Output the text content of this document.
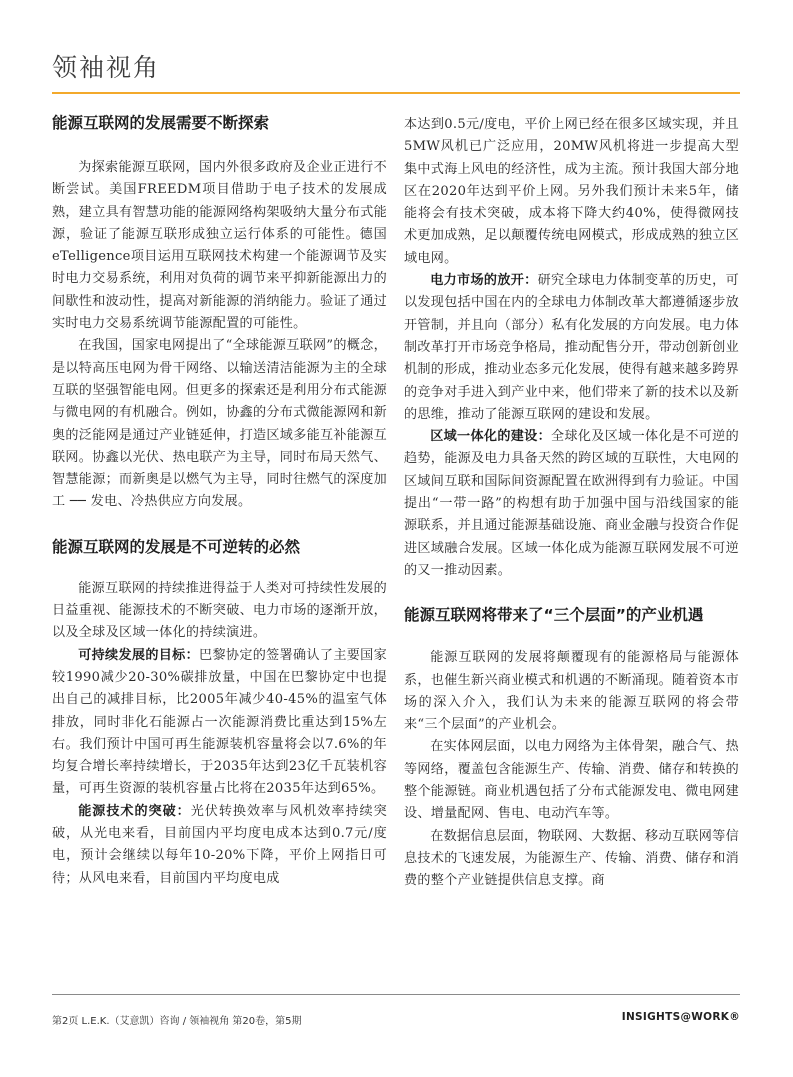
领袖视角
能源互联网的发展需要不断探索

为探索能源互联网，国内外很多政府及企业正进行不断尝试。美国FREEDM项目借助于电子技术的发展成熟，建立具有智慧功能的能源网络构架吸纳大量分布式能源，验证了能源互联形成独立运行体系的可能性。德国eTelligence项目运用互联网技术构建一个能源调节及实时电力交易系统，利用对负荷的调节来平抑新能源出力的间歇性和波动性，提高对新能源的消纳能力。验证了通过实时电力交易系统调节能源配置的可能性。

在我国，国家电网提出了“全球能源互联网”的概念，是以特高压电网为骨干网络、以输送清洁能源为主的全球互联的坚强智能电网。但更多的探索还是利用分布式能源与微电网的有机融合。例如，协鑫的分布式微能源网和新奥的泛能网是通过产业链延伸，打造区域多能互补能源互联网。协鑫以光伏、热电联产为主导，同时布局天然气、智慧能源；而新奥是以燃气为主导，同时往燃气的深度加工 ── 发电、冷热供应方向发展。

能源互联网的发展是不可逆转的必然

能源互联网的持续推进得益于人类对可持续性发展的日益重视、能源技术的不断突破、电力市场的逐渐开放，以及全球及区域一体化的持续演进。

可持续发展的目标：巴黎协定的签署确认了主要国家较1990减少20-30%碳排放量，中国在巴黎协定中也提出自己的减排目标，比2005年减少40-45%的温室气体排放，同时非化石能源占一次能源消费比重达到15%左右。我们预计中国可再生能源装机容量将会以7.6%的年均复合增长率持续增长，于2035年达到23亿千瓦装机容量，可再生资源的装机容量占比将在2035年达到65%。

能源技术的突破：光伏转换效率与风机效率持续突破，从光电来看，目前国内平均度电成本达到0.7元/度电，预计会继续以每年10-20%下降，平价上网指日可待；从风电来看，目前国内平均度电成

本达到0.5元/度电，平价上网已经在很多区域实现，并且5MW风机已广泛应用，20MW风机将进一步提高大型集中式海上风电的经济性，成为主流。预计我国大部分地区在2020年达到平价上网。另外我们预计未来5年，储能将会有技术突破，成本将下降大约40%，使得微网技术更加成熟，足以颠覆传统电网模式，形成成熟的独立区域电网。

电力市场的放开：研究全球电力体制变革的历史，可以发现包括中国在内的全球电力体制改革大都遵循逐步放开管制，并且向（部分）私有化发展的方向发展。电力体制改革打开市场竞争格局，推动配售分开，带动创新创业机制的形成，推动业态多元化发展，使得有越来越多跨界的竞争对手进入到产业中来，他们带来了新的技术以及新的思维，推动了能源互联网的建设和发展。

区域一体化的建设：全球化及区域一体化是不可逆的趋势，能源及电力具备天然的跨区域的互联性，大电网的区域间互联和国际间资源配置在欧洲得到有力验证。中国提出“一带一路”的构想有助于加强中国与沿线国家的能源联系，并且通过能源基础设施、商业金融与投资合作促进区域融合发展。区域一体化成为能源互联网发展不可逆的又一推动因素。

能源互联网将带来了“三个层面”的产业机遇

能源互联网的发展将颠覆现有的能源格局与能源体系，也催生新兴商业模式和机遇的不断涌现。随着资本市场的深入介入，我们认为未来的能源互联网的将会带来“三个层面”的产业机会。

在实体网层面，以电力网络为主体骨架，融合气、热等网络，覆盖包含能源生产、传输、消费、储存和转换的整个能源链。商业机遇包括了分布式能源发电、微电网建设、增量配网、售电、电动汽车等。

在数据信息层面，物联网、大数据、移动互联网等信息技术的飞速发展，为能源生产、传输、消费、储存和消费的整个产业链提供信息支撑。商

第2页 L.E.K.（艾意凯）咨询 / 领袖视角 第20卷，第5期	INSIGHTS@WORK®
